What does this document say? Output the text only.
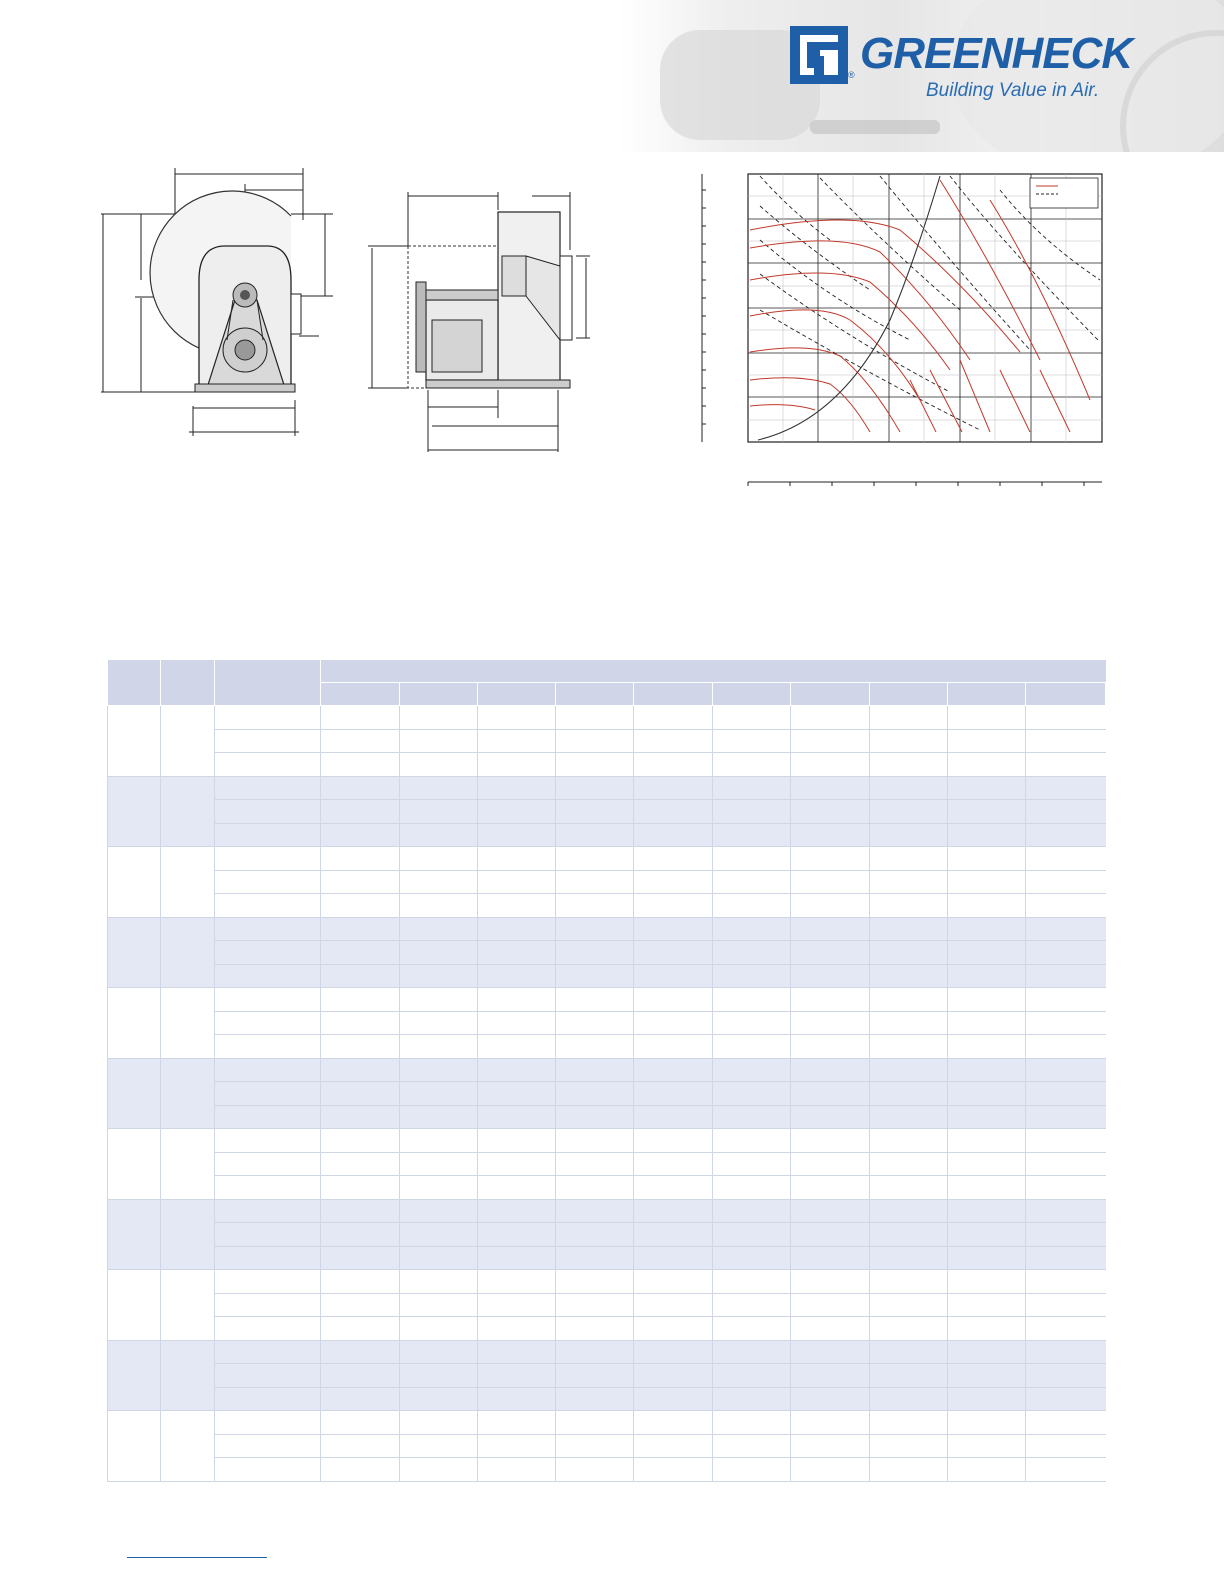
® GREENHECK
Building Value in Air.
